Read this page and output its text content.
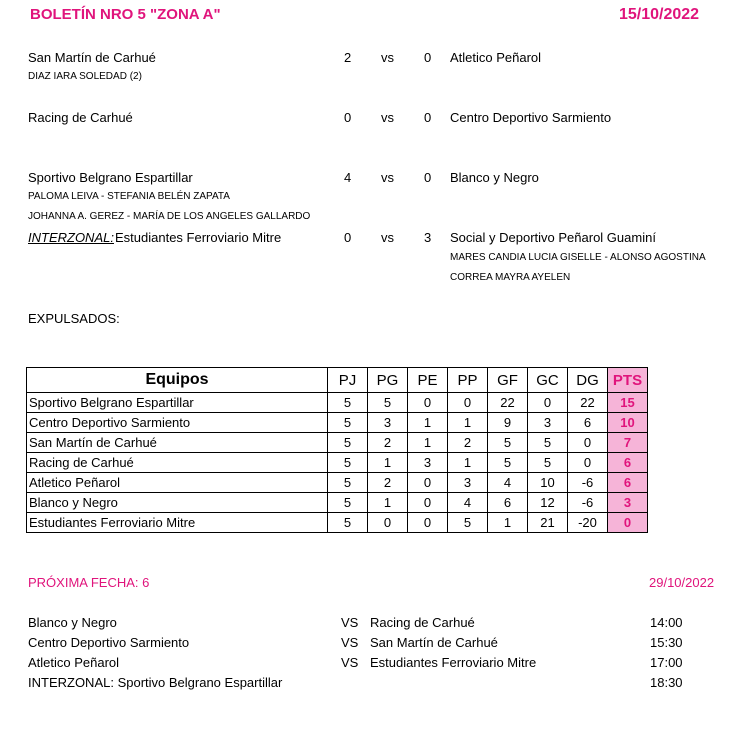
BOLETÍN NRO 5 "ZONA A"	15/10/2022
San Martín de Carhué	2 vs 0 Atletico Peñarol
DIAZ IARA SOLEDAD (2)
Racing de Carhué	0 vs 0 Centro Deportivo Sarmiento
Sportivo Belgrano Espartillar	4 vs 0 Blanco y Negro
PALOMA LEIVA - STEFANIA BELÉN ZAPATA
JOHANNA A. GEREZ - MARÍA DE LOS ANGELES GALLARDO
INTERZONAL: Estudiantes Ferroviario Mitre	0 vs 3 Social y Deportivo Peñarol Guaminí
MARES CANDIA LUCIA GISELLE - ALONSO AGOSTINA
CORREA MAYRA AYELEN
EXPULSADOS:
Equipos	PJ	PG	PE	PP	GF	GC	DG	PTS
Sportivo Belgrano Espartillar	5	5	0	0	22	0	22	15
Centro Deportivo Sarmiento	5	3	1	1	9	3	6	10
San Martín de Carhué	5	2	1	2	5	5	0	7
Racing de Carhué	5	1	3	1	5	5	0	6
Atletico Peñarol	5	2	0	3	4	10	-6	6
Blanco y Negro	5	1	0	4	6	12	-6	3
Estudiantes Ferroviario Mitre	5	0	0	5	1	21	-20	0
PRÓXIMA FECHA: 6	29/10/2022
Blanco y Negro	VS Racing de Carhué	14:00
Centro Deportivo Sarmiento	VS San Martín de Carhué	15:30
Atletico Peñarol	VS Estudiantes Ferroviario Mitre	17:00
INTERZONAL: Sportivo Belgrano Espartillar	18:30
